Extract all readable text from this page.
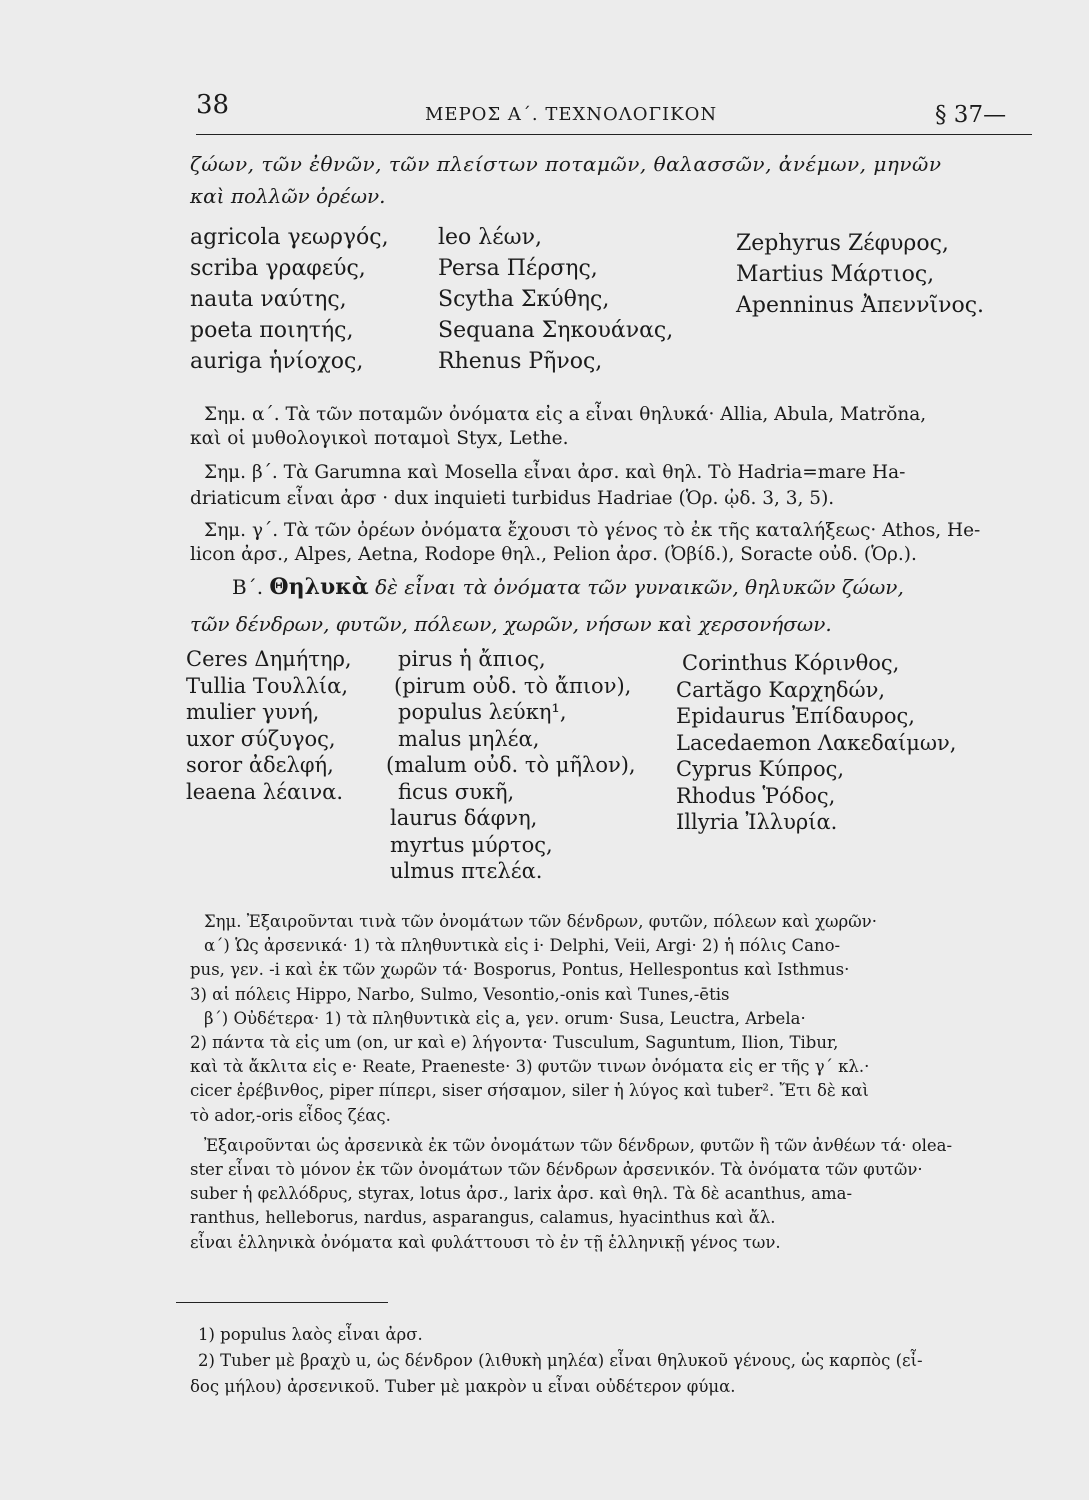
38	ΜΕΡΟΣ Α΄. ΤΕΧΝΟΛΟΓΙΚΟΝ	§ 37—
ζώων, τῶν ἐθνῶν, τῶν πλείστων ποταμῶν, θαλασσῶν, ἀνέμων, μηνῶν
καὶ πολλῶν ὀρέων.
agricola γεωργός,
scriba γραφεύς,
nauta ναύτης,
poeta ποιητής,
auriga ἡνίοχος,
leo λέων,
Persa Πέρσης,
Scytha Σκύθης,
Sequana Σηκουάνας,
Rhenus Ρῆνος,
Zephyrus Ζέφυρος,
Martius Μάρτιος,
Apenninus Ἀπεννῖνος.
Σημ. α΄. Τὰ τῶν ποταμῶν ὀνόματα εἰς a εἶναι θηλυκά· Allia, Abula, Matrŏna,
καὶ οἱ μυθολογικοὶ ποταμοὶ Styx, Lethe.
Σημ. β΄. Τὰ Garumna καὶ Mosella εἶναι ἀρσ. καὶ θηλ. Τὸ Hadria=mare Ha-
driaticum εἶναι ἀρσ · dux inquieti turbidus Hadriae (Ὁρ. ᾠδ. 3, 3, 5).
Σημ. γ΄. Τὰ τῶν ὀρέων ὀνόματα ἔχουσι τὸ γένος τὸ ἐκ τῆς καταλήξεως· Athos, He-
licon ἀρσ., Alpes, Aetna, Rodope θηλ., Pelion ἀρσ. (Ὀβίδ.), Soracte οὐδ. (Ὁρ.).
Β΄. Θηλυκὰ δὲ εἶναι τὰ ὀνόματα τῶν γυναικῶν, θηλυκῶν ζώων,
τῶν δένδρων, φυτῶν, πόλεων, χωρῶν, νήσων καὶ χερσονήσων.
Ceres Δημήτηρ,
Tullia Τουλλία,
mulier γυνή,
uxor σύζυγος,
soror ἀδελφή,
leaena λέαινα.
pirus ἡ ἄπιος,
(pirum οὐδ. τὸ ἄπιον),
populus λεύκη¹,
malus μηλέα,
(malum οὐδ. τὸ μῆλον),
ficus συκῆ,
laurus δάφνη,
myrtus μύρτος,
ulmus πτελέα.
Corinthus Κόρινθος,
Cartăgo Καρχηδών,
Epidaurus Ἐπίδαυρος,
Lacedaemon Λακεδαίμων,
Cyprus Κύπρος,
Rhodus Ῥόδος,
Illyria Ἰλλυρία.
Σημ. Ἐξαιροῦνται τινὰ τῶν ὀνομάτων τῶν δένδρων, φυτῶν, πόλεων καὶ χωρῶν·
α΄) Ὡς ἀρσενικά· 1) τὰ πληθυντικὰ εἰς i· Delphi, Veii, Argi· 2) ἡ πόλις Cano-
pus, γεν. -i καὶ ἐκ τῶν χωρῶν τά· Bosporus, Pontus, Hellespontus καὶ Isthmus·
3) αἱ πόλεις Hippo, Narbo, Sulmo, Vesontio,-onis καὶ Tunes,-ētis
β΄) Οὐδέτερα· 1) τὰ πληθυντικὰ εἰς a, γεν. orum· Susa, Leuctra, Arbela·
2) πάντα τὰ εἰς um (on, ur καὶ e) λήγοντα· Tusculum, Saguntum, Ilion, Tibur,
καὶ τὰ ἄκλιτα εἰς e· Reate, Praeneste· 3) φυτῶν τινων ὀνόματα εἰς er τῆς γ΄ κλ.·
cicer ἐρέβινθος, piper πίπερι, siser σήσαμον, siler ἡ λύγος καὶ tuber². Ἔτι δὲ καὶ
τὸ ador,-oris εἶδος ζέας.
Ἐξαιροῦνται ὡς ἀρσενικὰ ἐκ τῶν ὀνομάτων τῶν δένδρων, φυτῶν ἢ τῶν ἀνθέων τά· olea-
ster εἶναι τὸ μόνον ἐκ τῶν ὀνομάτων τῶν δένδρων ἀρσενικόν. Τὰ ὀνόματα τῶν φυτῶν·
suber ἡ φελλόδρυς, styrax, lotus ἀρσ., larix ἀρσ. καὶ θηλ. Τὰ δὲ acanthus, ama-
ranthus, helleborus, nardus, asparangus, calamus, hyacinthus καὶ ἄλ.
εἶναι ἑλληνικὰ ὀνόματα καὶ φυλάττουσι τὸ ἐν τῇ ἑλληνικῇ γένος των.
1) populus λαὸς εἶναι ἀρσ.
2) Tuber μὲ βραχὺ u, ὡς δένδρον (λιθυκὴ μηλέα) εἶναι θηλυκοῦ γένους, ὡς καρπὸς (εἶ-
δος μήλου) ἀρσενικοῦ. Tuber μὲ μακρὸν u εἶναι οὐδέτερον φύμα.
